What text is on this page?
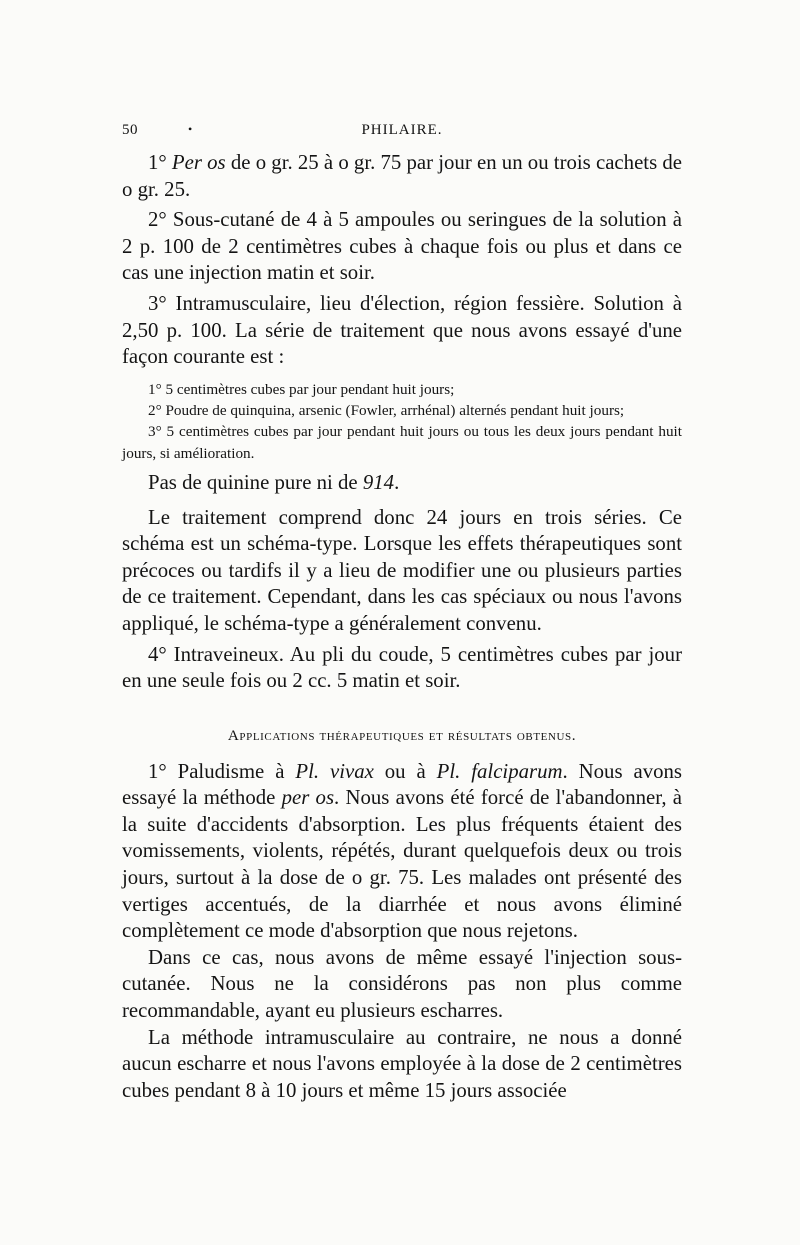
50	•	PHILAIRE.

1° Per os de o gr. 25 à o gr. 75 par jour en un ou trois cachets de o gr. 25.

2° Sous-cutané de 4 à 5 ampoules ou seringues de la solution à 2 p. 100 de 2 centimètres cubes à chaque fois ou plus et dans ce cas une injection matin et soir.

3° Intramusculaire, lieu d'élection, région fessière. Solution à 2,50 p. 100. La série de traitement que nous avons essayé d'une façon courante est :

1° 5 centimètres cubes par jour pendant huit jours;

2° Poudre de quinquina, arsenic (Fowler, arrhénal) alternés pendant huit jours;

3° 5 centimètres cubes par jour pendant huit jours ou tous les deux jours pendant huit jours, si amélioration.

Pas de quinine pure ni de 914.

Le traitement comprend donc 24 jours en trois séries. Ce schéma est un schéma-type. Lorsque les effets thérapeutiques sont précoces ou tardifs il y a lieu de modifier une ou plusieurs parties de ce traitement. Cependant, dans les cas spéciaux ou nous l'avons appliqué, le schéma-type a généralement convenu.

4° Intraveineux. Au pli du coude, 5 centimètres cubes par jour en une seule fois ou 2 cc. 5 matin et soir.

Applications thérapeutiques et résultats obtenus.

1° Paludisme à Pl. vivax ou à Pl. falciparum. Nous avons essayé la méthode per os. Nous avons été forcé de l'abandonner, à la suite d'accidents d'absorption. Les plus fréquents étaient des vomissements, violents, répétés, durant quelquefois deux ou trois jours, surtout à la dose de o gr. 75. Les malades ont présenté des vertiges accentués, de la diarrhée et nous avons éliminé complètement ce mode d'absorption que nous rejetons.

Dans ce cas, nous avons de même essayé l'injection sous-cutanée. Nous ne la considérons pas non plus comme recommandable, ayant eu plusieurs escharres.

La méthode intramusculaire au contraire, ne nous a donné aucun escharre et nous l'avons employée à la dose de 2 centimètres cubes pendant 8 à 10 jours et même 15 jours associée
